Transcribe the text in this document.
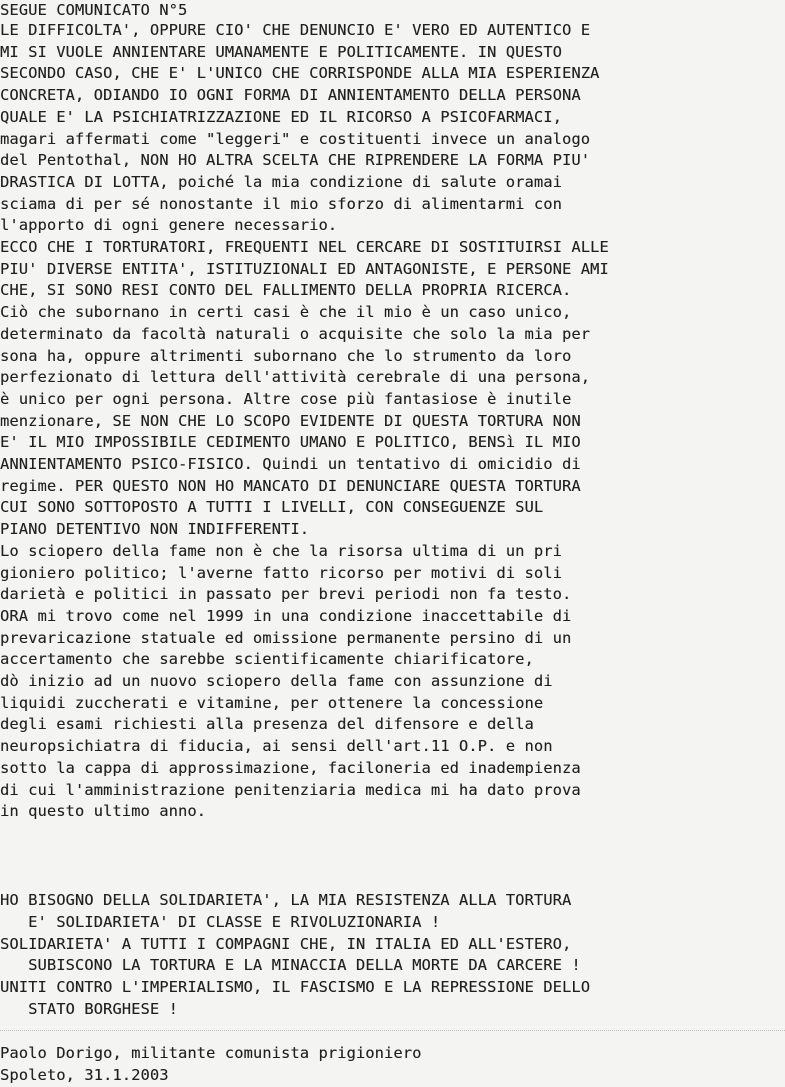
SEGUE COMUNICATO N°5
LE DIFFICOLTA', OPPURE CIO' CHE DENUNCIO E' VERO ED AUTENTICO E
MI SI VUOLE ANNIENTARE UMANAMENTE E POLITICAMENTE. IN QUESTO
SECONDO CASO, CHE E' L'UNICO CHE CORRISPONDE ALLA MIA ESPERIENZA
CONCRETA, ODIANDO IO OGNI FORMA DI ANNIENTAMENTO DELLA PERSONA
QUALE E' LA PSICHIATRIZZAZIONE ED IL RICORSO A PSICOFARMACI,
magari affermati come "leggeri" e costituenti invece un analogo
del Pentothal, NON HO ALTRA SCELTA CHE RIPRENDERE LA FORMA PIU'
DRASTICA DI LOTTA, poiché la mia condizione di salute oramai
sciama di per sé nonostante il mio sforzo di alimentarmi con
l'apporto di ogni genere necessario.
ECCO CHE I TORTURATORI, FREQUENTI NEL CERCARE DI SOSTITUIRSI ALLE
PIU' DIVERSE ENTITA', ISTITUZIONALI ED ANTAGONISTE, E PERSONE AMI
CHE, SI SONO RESI CONTO DEL FALLIMENTO DELLA PROPRIA RICERCA.
Ciò che subornano in certi casi è che il mio è un caso unico,
determinato da facoltà naturali o acquisite che solo la mia per
sona ha, oppure altrimenti subornano che lo strumento da loro
perfezionato di lettura dell'attività cerebrale di una persona,
è unico per ogni persona. Altre cose più fantasiose è inutile
menzionare, SE NON CHE LO SCOPO EVIDENTE DI QUESTA TORTURA NON
E' IL MIO IMPOSSIBILE CEDIMENTO UMANO E POLITICO, BENSì IL MIO
ANNIENTAMENTO PSICO-FISICO. Quindi un tentativo di omicidio di
regime. PER QUESTO NON HO MANCATO DI DENUNCIARE QUESTA TORTURA
CUI SONO SOTTOPOSTO A TUTTI I LIVELLI, CON CONSEGUENZE SUL
PIANO DETENTIVO NON INDIFFERENTI.
Lo sciopero della fame non è che la risorsa ultima di un pri
gioniero politico; l'averne fatto ricorso per motivi di soli
darietà e politici in passato per brevi periodi non fa testo.
ORA mi trovo come nel 1999 in una condizione inaccettabile di
prevaricazione statuale ed omissione permanente persino di un
accertamento che sarebbe scientificamente chiarificatore,
dò inizio ad un nuovo sciopero della fame con assunzione di
liquidi zuccherati e vitamine, per ottenere la concessione
degli esami richiesti alla presenza del difensore e della
neuropsichiatra di fiducia, ai sensi dell'art.11 O.P. e non
sotto la cappa di approssimazione, faciloneria ed inadempienza
di cui l'amministrazione penitenziaria medica mi ha dato prova
in questo ultimo anno.
HO BISOGNO DELLA SOLIDARIETA', LA MIA RESISTENZA ALLA TORTURA
E' SOLIDARIETA' DI CLASSE E RIVOLUZIONARIA !
SOLIDARIETA' A TUTTI I COMPAGNI CHE, IN ITALIA ED ALL'ESTERO,
SUBISCONO LA TORTURA E LA MINACCIA DELLA MORTE DA CARCERE !
UNITI CONTRO L'IMPERIALISMO, IL FASCISMO E LA REPRESSIONE DELLO
STATO BORGHESE !
Paolo Dorigo, militante comunista prigioniero
Spoleto, 31.1.2003
